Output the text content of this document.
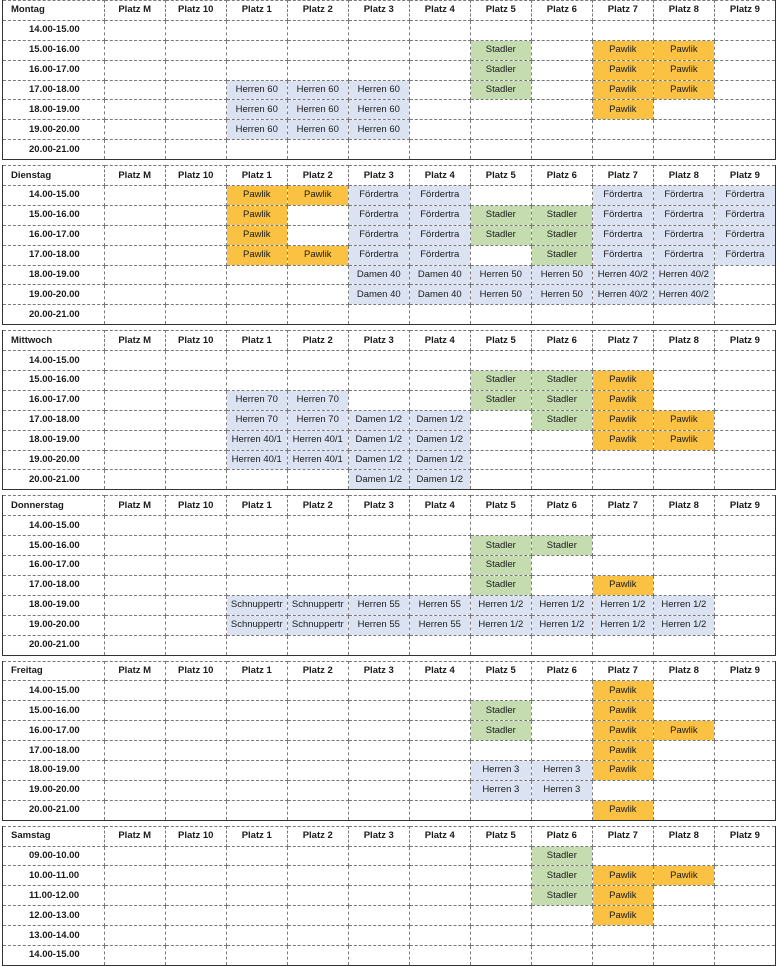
Montag	Platz M	Platz 10	Platz 1	Platz 2	Platz 3	Platz 4	Platz 5	Platz 6	Platz 7	Platz 8	Platz 9
14.00-15.00											
15.00-16.00							Stadler		Pawlik	Pawlik	
16.00-17.00							Stadler		Pawlik	Pawlik	
17.00-18.00			Herren 60	Herren 60	Herren 60		Stadler		Pawlik	Pawlik	
18.00-19.00			Herren 60	Herren 60	Herren 60				Pawlik		
19.00-20.00			Herren 60	Herren 60	Herren 60						
20.00-21.00											
Dienstag	Platz M	Platz 10	Platz 1	Platz 2	Platz 3	Platz 4	Platz 5	Platz 6	Platz 7	Platz 8	Platz 9
14.00-15.00			Pawlik	Pawlik	Fördertra	Fördertra			Fördertra	Fördertra	Fördertra
15.00-16.00			Pawlik		Fördertra	Fördertra	Stadler	Stadler	Fördertra	Fördertra	Fördertra
16.00-17.00			Pawlik		Fördertra	Fördertra	Stadler	Stadler	Fördertra	Fördertra	Fördertra
17.00-18.00			Pawlik	Pawlik	Fördertra	Fördertra		Stadler	Fördertra	Fördertra	Fördertra
18.00-19.00					Damen 40	Damen 40	Herren 50	Herren 50	Herren 40/2	Herren 40/2	
19.00-20.00					Damen 40	Damen 40	Herren 50	Herren 50	Herren 40/2	Herren 40/2	
20.00-21.00											
Mittwoch	Platz M	Platz 10	Platz 1	Platz 2	Platz 3	Platz 4	Platz 5	Platz 6	Platz 7	Platz 8	Platz 9
14.00-15.00											
15.00-16.00							Stadler	Stadler	Pawlik		
16.00-17.00			Herren 70	Herren 70			Stadler	Stadler	Pawlik		
17.00-18.00			Herren 70	Herren 70	Damen 1/2	Damen 1/2		Stadler	Pawlik	Pawlik	
18.00-19.00			Herren 40/1	Herren 40/1	Damen 1/2	Damen 1/2			Pawlik	Pawlik	
19.00-20.00			Herren 40/1	Herren 40/1	Damen 1/2	Damen 1/2					
20.00-21.00					Damen 1/2	Damen 1/2					
Donnerstag	Platz M	Platz 10	Platz 1	Platz 2	Platz 3	Platz 4	Platz 5	Platz 6	Platz 7	Platz 8	Platz 9
14.00-15.00											
15.00-16.00							Stadler	Stadler			
16.00-17.00							Stadler				
17.00-18.00							Stadler		Pawlik		
18.00-19.00			Schnuppertr	Schnuppertr	Herren 55	Herren 55	Herren 1/2	Herren 1/2	Herren 1/2	Herren 1/2	
19.00-20.00			Schnuppertr	Schnuppertr	Herren 55	Herren 55	Herren 1/2	Herren 1/2	Herren 1/2	Herren 1/2	
20.00-21.00											
Freitag	Platz M	Platz 10	Platz 1	Platz 2	Platz 3	Platz 4	Platz 5	Platz 6	Platz 7	Platz 8	Platz 9
14.00-15.00									Pawlik		
15.00-16.00							Stadler		Pawlik		
16.00-17.00							Stadler		Pawlik	Pawlik	
17.00-18.00									Pawlik		
18.00-19.00							Herren 3	Herren 3	Pawlik		
19.00-20.00							Herren 3	Herren 3			
20.00-21.00									Pawlik		
Samstag	Platz M	Platz 10	Platz 1	Platz 2	Platz 3	Platz 4	Platz 5	Platz 6	Platz 7	Platz 8	Platz 9
09.00-10.00								Stadler			
10.00-11.00								Stadler	Pawlik	Pawlik	
11.00-12.00								Stadler	Pawlik		
12.00-13.00									Pawlik		
13.00-14.00											
14.00-15.00											
